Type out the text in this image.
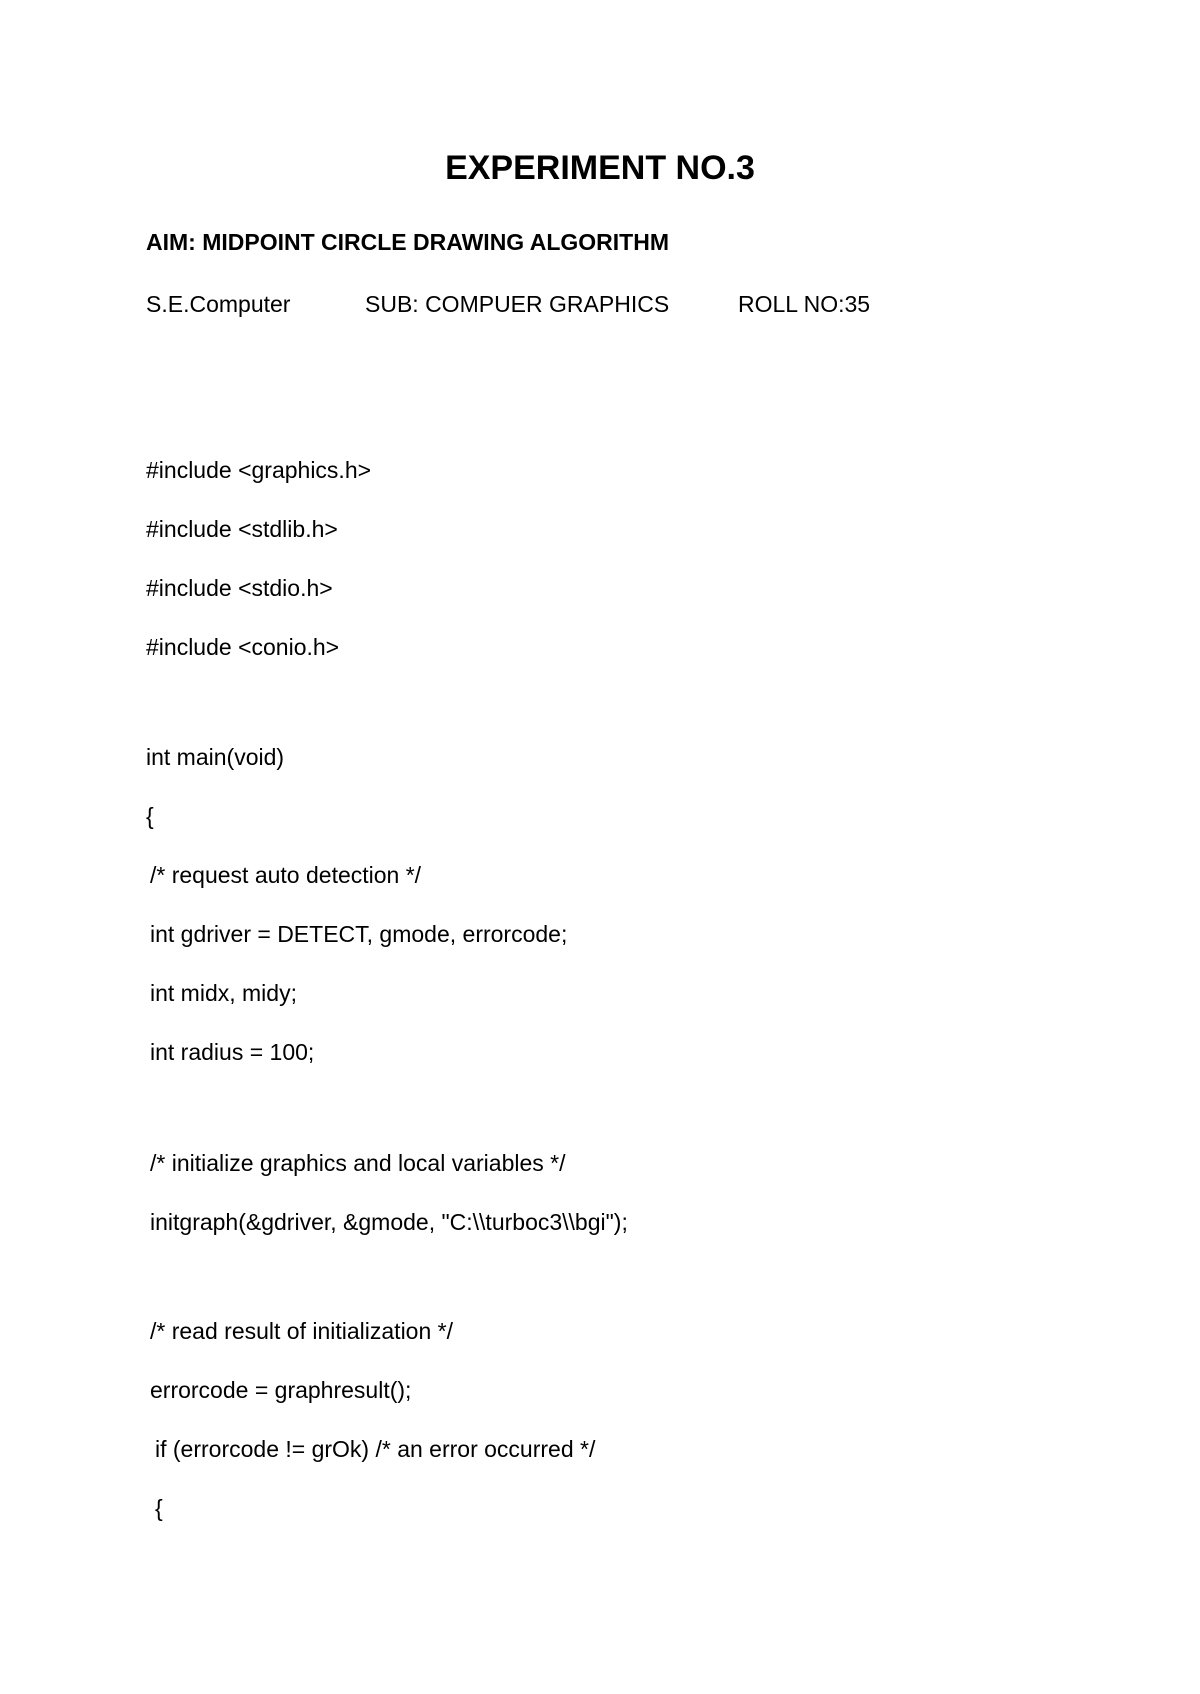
EXPERIMENT NO.3
AIM: MIDPOINT CIRCLE DRAWING ALGORITHM
S.E.Computer	SUB: COMPUER GRAPHICS	ROLL NO:35
#include <graphics.h>
#include <stdlib.h>
#include <stdio.h>
#include <conio.h>
int main(void)
{
/* request auto detection */
int gdriver = DETECT, gmode, errorcode;
int midx, midy;
int radius = 100;
/* initialize graphics and local variables */
initgraph(&gdriver, &gmode, "C:\\turboc3\\bgi");
/* read result of initialization */
errorcode = graphresult();
if (errorcode != grOk) /* an error occurred */
{
